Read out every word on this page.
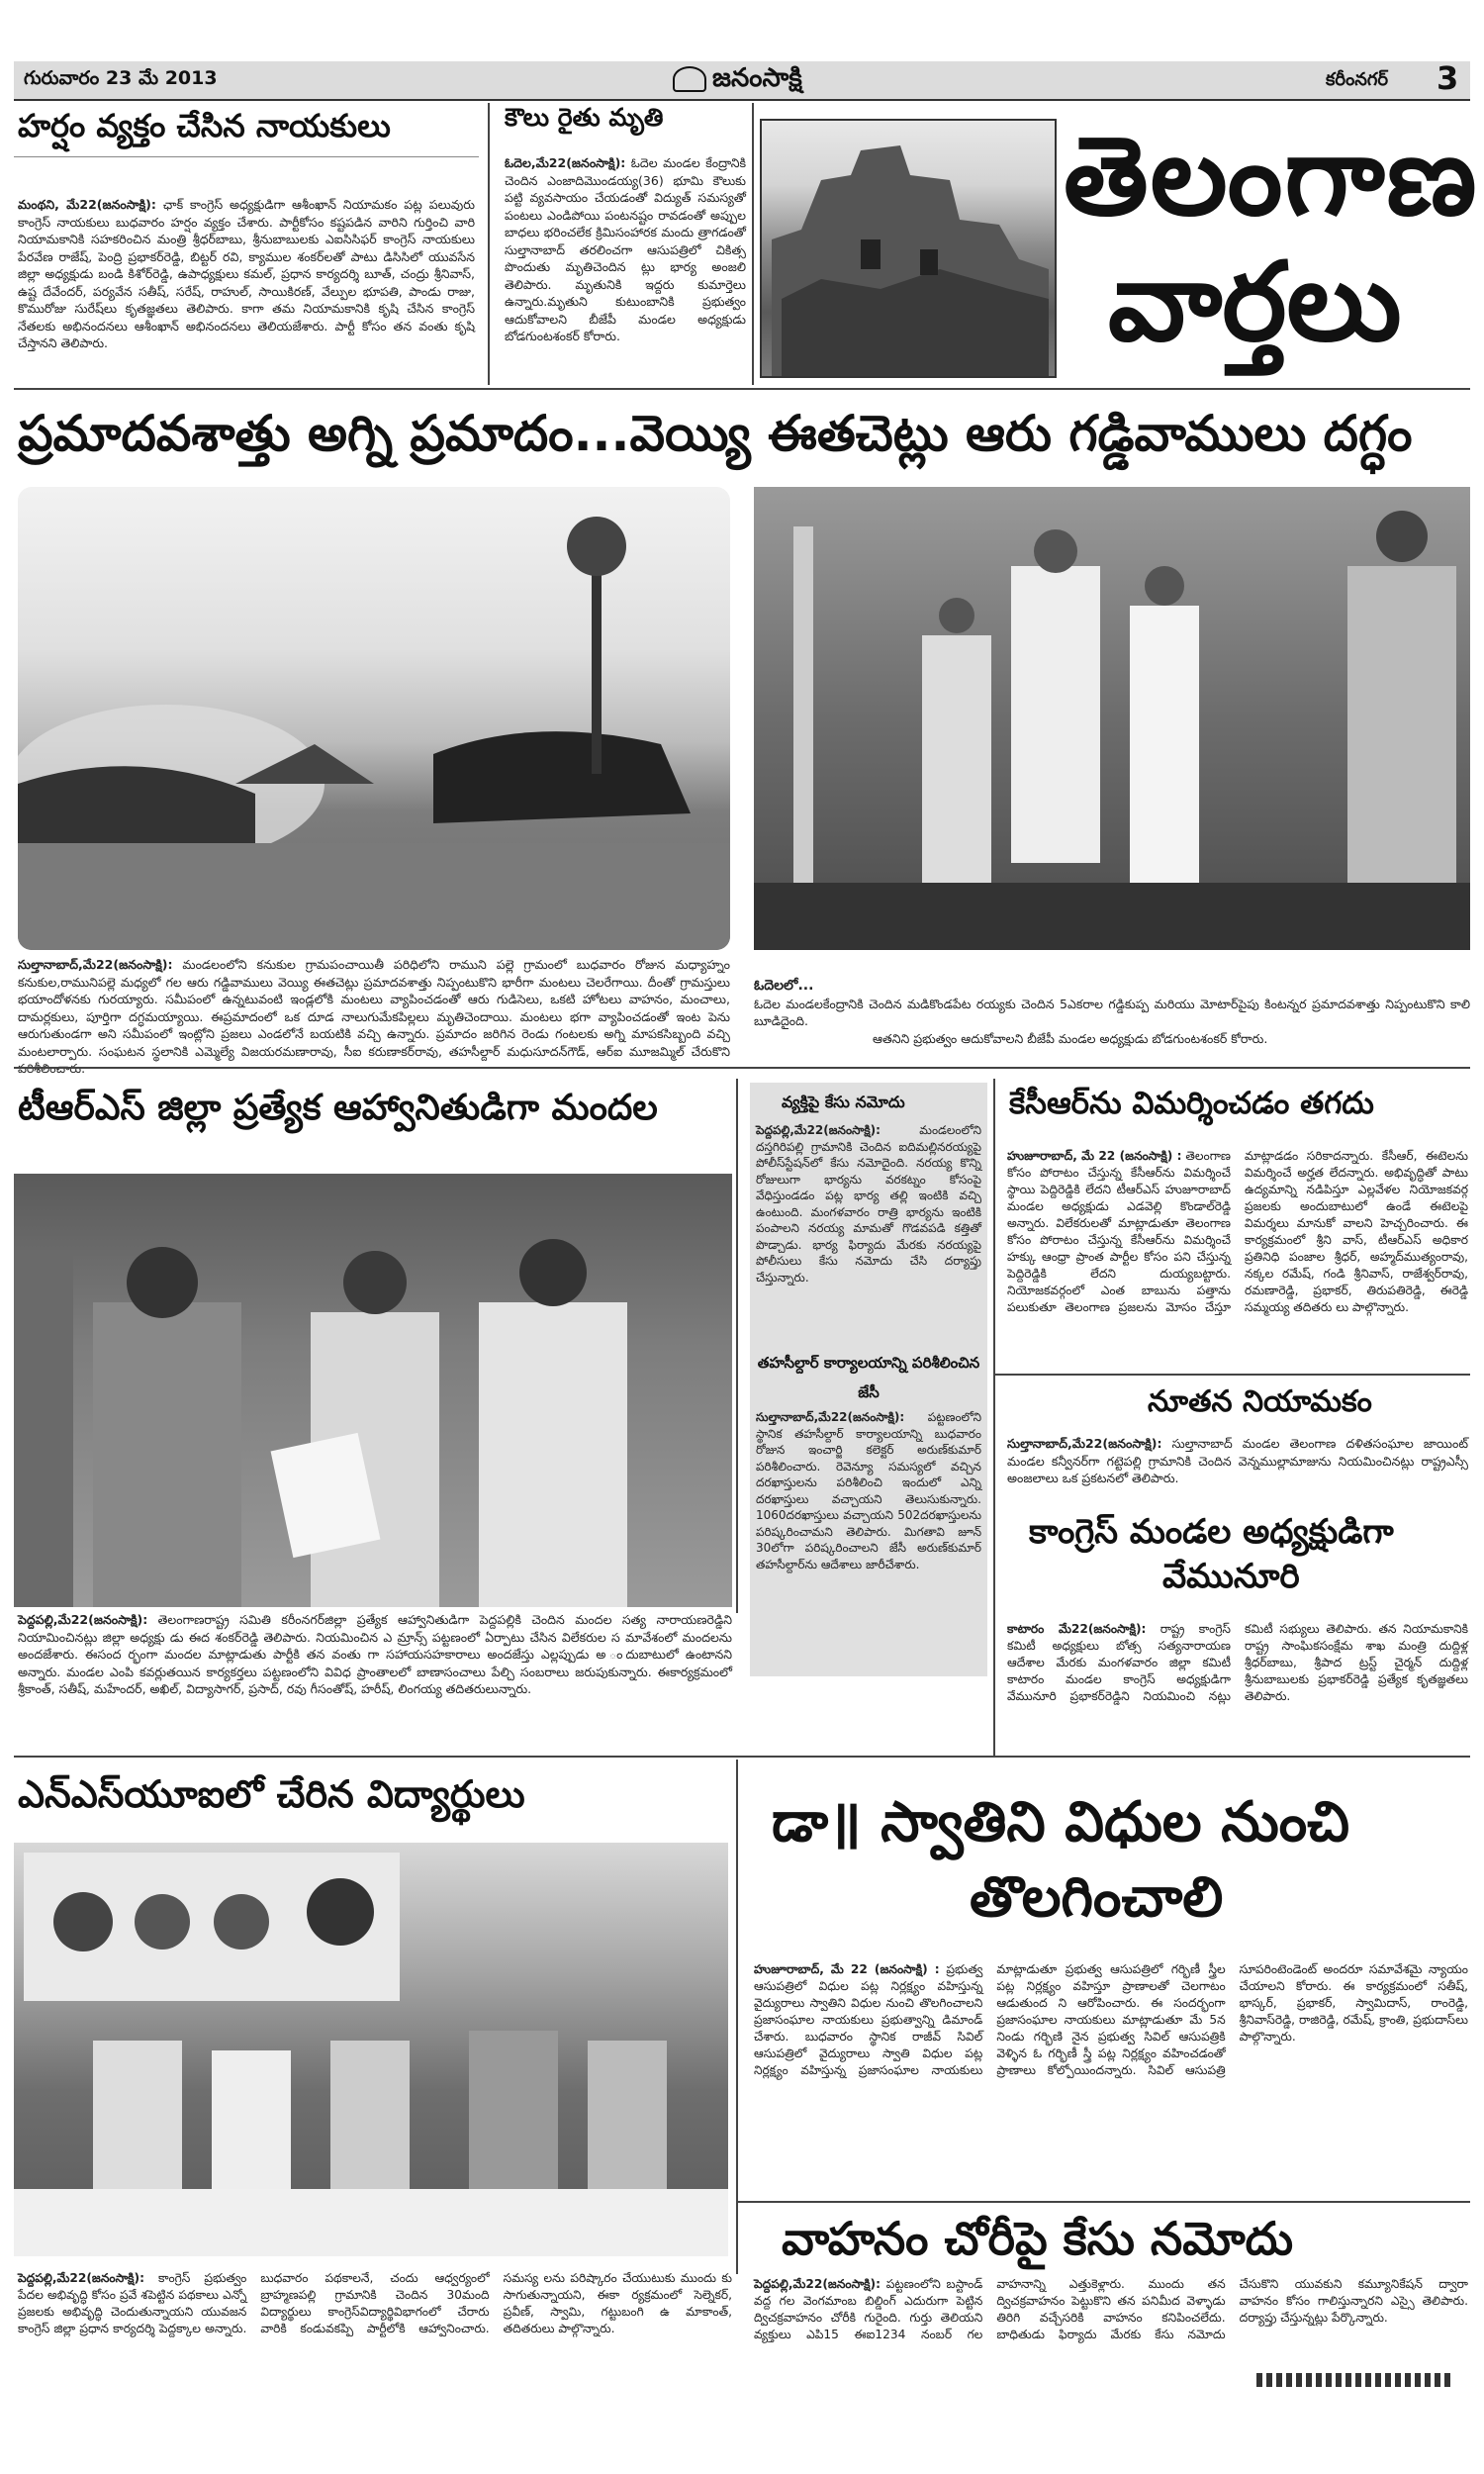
గురువారం 23 మే 2013	జనంసాక్షి	కరీంనగర్ 3
హర్షం వ్యక్తం చేసిన నాయకులు
మంథని, మే22(జనంసాక్షి): ఛాక్ కాంగ్రెస్ అధ్యక్షుడిగా ఆశీంఖాన్ నియామకం పట్ల పలువురు కాంగ్రెస్ నాయకులు బుధవారం హర్షం వ్యక్తం చేశారు. పార్టీకోసం కష్టపడిన వారిని గుర్తించి వారి నియామకానికి సహకరించిన మంత్రి శ్రీధర్‌బాబు, శ్రీనుబాబులకు ఎఐసిసిఫర్ కాంగ్రెస్ నాయకులు పేరవేణ రాజేష్, పెంద్రి ప్రభాకర్‌రెడ్డి, బిట్టర్ రవి, క్యాముల శంకర్‌లతో పాటు డిసిసిలో యువసేన జిల్లా అధ్యక్షుడు బండి కిశోర్‌రెడ్డి, ఉపాధ్యక్షులు కమల్, ప్రధాన కార్యదర్శి బూత్, చంద్రు శ్రీనివాస్, ఉష్ట దేవేందర్, పర్యవేన సతీష్, సరేష్, రాహుల్, సాయికిరణ్, వేల్పుల భూపతి, పాండు రాజు, కొమురోజు సురేష్‌లు కృతజ్ఞతలు తెలిపారు. కాగా తమ నియామకానికి కృషి చేసిన కాంగ్రెస్ నేతలకు అభినందనలు ఆశీంఖాన్ అభినందనలు తెలియజేశారు. పార్టీ కోసం తన వంతు కృషి చేస్తానని తెలిపారు.
కౌలు రైతు మృతి
ఓదెల,మే22(జనంసాక్షి): ఓదెల మండల కేంద్రానికి చెందిన ఎంజాదిమొండయ్య(36) భూమి కౌలుకు పట్టి వ్యవసాయం చేయడంతో విద్యుత్ సమస్యతో పంటలు ఎండిపోయి పంటనష్టం రావడంతో అప్పుల బాధలు భరించలేక క్రిమిసంహారక మందు త్రాగడంతో సుల్తానాబాద్ తరలించగా ఆసుపత్రిలో చికిత్స పొందుతు మృతిచెందిన ట్లు భార్య అంజలి తెలిపారు. మృతునికి ఇద్దరు కుమార్తెలు ఉన్నారు.మృతుని కుటుంబానికి ప్రభుత్వం ఆదుకోవాలని బీజేపీ మండల అధ్యక్షుడు బోడగుంటశంకర్ కోరారు.
తెలంగాణ
వార్తలు
ప్రమాదవశాత్తు అగ్ని ప్రమాదం...వెయ్యి ఈతచెట్లు ఆరు గడ్డివాములు దగ్ధం
సుల్తానాబాద్,మే22(జనంసాక్షి): మండలంలోని కనుకుల గ్రామపంచాయితీ పరిధిలోని రాముని పల్లె గ్రామంలో బుధవారం రోజున మధ్యాహ్నం కనుకుల,రామునిపల్లె మధ్యలో గల ఆరు గడ్డివాములు వెయ్యి ఈతచెట్లు ప్రమాదవశాత్తు నిప్పంటుకొని భారీగా మంటలు చెలరేగాయి. దీంతో గ్రామస్తులు భయాందోళనకు గురయ్యారు. సమీపంలో ఉన్నటువంటి ఇండ్లలోకి మంటలు వ్యాపించడంతో ఆరు గుడిసెలు, ఒకటి హోటలు వాహనం, మంచాలు, దామర్లకులు, పూర్తిగా దగ్ధమయ్యాయి. ఈప్రమాదంలో ఒక దూడ నాలుగుమేకపిల్లలు మృతిచెందాయి. మంటలు భగా వ్యాపించడంతో ఇంట పెను ఆరుగుతుండగా అని సమీపంలో ఇంట్లోని ప్రజలు ఎండలోనే బయటికి వచ్చి ఉన్నారు. ప్రమాదం జరిగిన రెండు గంటలకు అగ్ని మాపకసిబ్బంది వచ్చి మంటలార్పారు. సంఘటన స్థలానికి ఎమ్మెల్యే విజయరమణారావు, సీఐ కరుణాకర్‌రావు, తహసీల్దార్ మధుసూదన్‌గౌడ్, ఆర్‌ఐ మూజమ్మిల్ చేరుకొని
ఓదెలలో...
ఓదెల మండలకేంద్రానికి చెందిన మడికొండపేట రయ్యకు చెందిన 5ఎకరాల గడ్డికుప్ప మరియు మోటార్‌పైపు కింటన్నర ప్రమాదవశాత్తు నిప్పంటుకొని కాలి బూడిదైంది.
ఆతనిని ప్రభుత్వం ఆదుకోవాలని బీజేపీ మండల అధ్యక్షుడు బోడగుంటశంకర్ కోరారు.
టీఆర్ఎస్ జిల్లా ప్రత్యేక ఆహ్వానితుడిగా మందల
పెద్దపల్లి,మే22(జనంసాక్షి): తెలంగాణరాష్ట్ర సమితి కరీంనగర్‌జిల్లా ప్రత్యేక ఆహ్వానితుడిగా పెద్దపల్లికి చెందిన మందల సత్య నారాయణరెడ్డిని నియామించినట్లు జిల్లా అధ్యక్షు డు ఈద శంకర్‌రెడ్డి తెలిపారు. నియమించిన ఎ మ్రాన్స్ పట్టణంలో ఏర్పాటు చేసిన విలేకరుల స మావేశంలో మందలను అందజేశారు. ఈసంద ర్భంగా మందల మాట్లాడుతు పార్టీకి తన వంతు గా సహాయసహకారాలు అందజేస్తు ఎల్లప్పుడు అ ందుబాటులో ఉంటానని అన్నారు. మండల ఎంపి కవర్లుతయిన కార్యకర్తలు పట్టణంలోని వివిధ ప్రాంతాలలో బాణాసంచాలు పేల్చి సంబరాలు జరుపుకున్నారు. ఈకార్యక్రమంలో శ్రీకాంత్, సతీష్, మహేందర్, అఖిల్, విద్యాసాగర్, ప్రసాద్, రవు గీసంతోష్, హరీష్, లింగయ్య తదితరులున్నారు.
వ్యక్తిపై కేసు నమోదు
పెద్దపల్లి,మే22(జనంసాక్షి):	మండలంలోని దస్తగిరిపల్లి గ్రామానికి చెందిన ఐదిమల్లినరయ్యపై పోలీస్‌స్టేషన్‌లో కేసు నమోదైంది. నరయ్య కొన్ని రోజులుగా భార్యను వరకట్నం కోసంపై వేధిస్తుండడం పట్ల భార్య తల్లి ఇంటికి వచ్చి ఉంటుంది. మంగళవారం రాత్రి భార్యను ఇంటికి పంపాలని నరయ్య మామతో గొడవపడి కత్తితో పొడ్చాడు. భార్య ఫిర్యాదు మేరకు నరయ్యపై పోలీసులు కేసు నమోదు చేసి దర్యాప్తు చేస్తున్నారు.
తహసీల్దార్ కార్యాలయాన్ని పరిశీలించిన జేసీ
సుల్తానాబాద్,మే22(జనంసాక్షి): పట్టణంలోని స్థానిక తహసీల్దార్ కార్యాలయాన్ని బుధవారం రోజున ఇంచార్జి కలెక్టర్ అరుణ్‌కుమార్ పరిశీలించారు. రెవెన్యూ సమస్యలో వచ్చిన దరఖాస్తులను పరిశీలించి ఇందులో ఎన్ని దరఖాస్తులు వచ్చాయని తెలుసుకున్నారు. 1060దరఖాస్తులు వచ్చాయని 502దరఖాస్తులను పరిష్కరించామని తెలిపారు. మిగతావి జూన్ 30లోగా పరిష్కరించాలని జేసీ అరుణ్‌కుమార్ తహసీల్దార్‌ను ఆదేశాలు జారీచేశారు.
కేసీఆర్‌ను విమర్శించడం తగదు
హుజూరాబాద్, మే 22 (జనంసాక్షి) : తెలంగాణ కోసం పోరాటం చేస్తున్న కేసీఆర్‌ను విమర్శించే స్థాయి పెద్దిరెడ్డికి లేదని టీఆర్ఎస్ హుజూరాబాద్ మండల అధ్యక్షుడు ఎడవెల్లి కొండాల్‌రెడ్డి అన్నారు. విలేకరులతో మాట్లాడుతూ తెలంగాణ కోసం పోరాటం చేస్తున్న కేసీఆర్‌ను విమర్శించే హక్కు ఆంధ్రా ప్రాంత పార్టీల కోసం పని చేస్తున్న పెద్దిరెడ్డికి లేదని దుయ్యబట్టారు. నియోజకవర్గంలో ఎంత బాబును పత్తాను పలుకుతూ తెలంగాణ ప్రజలను మోసం చేస్తూ మాట్లాడడం సరికాదన్నారు. కేసీఆర్, ఈటెలను విమర్శించే అర్హత లేదన్నారు. అభివృద్ధితో పాటు ఉద్యమాన్ని నడిపిస్తూ ఎల్లవేళల నియోజకవర్గ ప్రజలకు అందుబాటులో ఉండే ఈటెలపై విమర్శలు మానుకో వాలని హెచ్చరించారు. ఈ కార్యక్రమంలో శ్రీని వాస్, టీఆర్ఎస్ అధికార ప్రతినిధి పంజాల శ్రీధర్, అహ్మద్‌ముత్యంరావు, నక్కల రమేష్, గండి శ్రీనివాస్, రాజేశ్వర్‌రావు, రమణారెడ్డి, ప్రభాకర్, తిరుపతిరెడ్డి, ఈరెడ్డి సమ్మయ్య తదితరు లు పాల్గొన్నారు.
నూతన నియామకం
సుల్తానాబాద్,మే22(జనంసాక్షి): సుల్తానాబాద్ మండల తెలంగాణ దళితసంఘాల జాయింట్ మండల కన్వీనర్‌గా గట్టెపల్లి గ్రామానికి చెందిన వెన్నముల్లామాజును నియమించినట్లు రాష్ట్రఎస్సీ అంజలాలు ఒక ప్రకటనలో తెలిపారు.
కాంగ్రెస్ మండల అధ్యక్షుడిగా
వేమునూరి
కాటారం మే22(జనంసాక్షి): రాష్ట్ర కాంగ్రెస్ కమిటీ అధ్యక్షులు బోత్స సత్యనారాయణ ఆదేశాల మేరకు మంగళవారం జిల్లా కమిటీ కాటారం మండల కాంగ్రెస్ అధ్యక్షుడిగా వేమునూరి ప్రభాకర్‌రెడ్డిని నియమించి నట్లు కమిటీ సభ్యులు తెలిపారు. తన నియామకానికి రాష్ట్ర సాంఘికసంక్షేమ శాఖ మంత్రి దుద్దిళ్ల శ్రీధర్‌బాబు, శ్రీపాద ట్రస్ట్ చైర్మన్ దుద్దిళ్ల శ్రీనుబాబులకు ప్రభాకర్‌రెడ్డి ప్రత్యేక కృతజ్ఞతలు తెలిపారు.
ఎన్ఎస్‌యూఐలో చేరిన విద్యార్థులు
పెద్దపల్లి,మే22(జనంసాక్షి): కాంగ్రెస్ ప్రభుత్వం పేదల అభివృద్ధి కోసం ప్రవే శపెట్టిన పథకాలు ఎన్నో ప్రజలకు అభివృద్ధి చెందుతున్నాయని యువజన కాంగ్రెస్ జిల్లా ప్రధాన కార్యదర్శి పెద్దక్కాల అన్నారు. బుధవారం పథకాలనే, చందు ఆధ్వర్యంలో బ్రాహ్మణపల్లి గ్రామానికి చెందిన 30మంది విద్యార్థులు కాంగ్రెస్‌విద్యార్థివిభాగంలో చేరారు వారికి కండువకప్పి పార్టీలోకి ఆహ్వానించారు. సమస్య లను పరిష్కారం చేయుటుకు ముందు కు సాగుతున్నాయని, ఈకా ర్యక్రమంలో సెల్నెకర్, ప్రవీణ్, స్వామి, గట్టుబంగి ఉ మాకాంత్, తదితరులు పాల్గొన్నారు.
డా॥ స్వాతిని విధుల నుంచి
తొలగించాలి
హుజూరాబాద్, మే 22 (జనంసాక్షి) : ప్రభుత్వ ఆసుపత్రిలో విధుల పట్ల నిర్లక్ష్యం వహిస్తున్న వైద్యురాలు స్వాతిని విధుల నుంచి తొలగించాలని ప్రజాసంఘాల నాయకులు ప్రభుత్వాన్ని డిమాండ్ చేశారు. బుధవారం స్థానిక రాజీవ్ సివిల్ ఆసుపత్రిలో వైద్యురాలు స్వాతి విధుల పట్ల నిర్లక్ష్యం వహిస్తున్న ప్రజాసంఘాల నాయకులు మాట్లాడుతూ ప్రభుత్వ ఆసుపత్రిలో గర్భిణీ స్త్రీల పట్ల నిర్లక్ష్యం వహిస్తూ ప్రాణాలతో చెలగాటం ఆడుతుంద ని ఆరోపించారు. ఈ సందర్భంగా ప్రజాసంఘాల నాయకులు మాట్లాడుతూ మే 5న నిండు గర్భిణి నైన ప్రభుత్వ సివిల్ ఆసుపత్రికి వెళ్ళిన ఓ గర్భిణీ స్త్రీ పట్ల నిర్లక్ష్యం వహించడంతో ప్రాణాలు కోల్పోయిందన్నారు. సివిల్ ఆసుపత్రి సూపరింటెండెంట్ అందరూ సమావేశమై న్యాయం చేయాలని కోరారు. ఈ కార్యక్రమంలో సతీష్, భాస్కర్, ప్రభాకర్, స్వామిదాస్, రాంరెడ్డి, శ్రీనివాస్‌రెడ్డి, రాజిరెడ్డి, రమేష్, క్రాంతి, ప్రభుదాస్‌లు పాల్గొన్నారు.
వాహనం చోరీపై కేసు నమోదు
పెద్దపల్లి,మే22(జనంసాక్షి): పట్టణంలోని బస్టాండ్ వద్ద గల వెంగమాంబ బిల్డింగ్‌ ఎదురుగా పెట్టిన ద్విచక్రవాహనం చోరీకి గురైంది. గుర్తు తెలియని వ్యక్తులు ఎపి15 ఈఐ1234 నంబర్ గల వాహనాన్ని ఎత్తుకెళ్లారు. ముందు తన ద్విచక్రవాహనం పెట్టుకొని తన పనిమీద వెళ్ళాడు తిరిగి వచ్చేసరికి వాహనం కనిపించలేదు. బాధితుడు ఫిర్యాదు మేరకు కేసు నమోదు చేసుకొని యువకుని కమ్యూనికేషన్ ద్వారా వాహనం కోసం గాలిస్తున్నారని ఎస్సై తెలిపారు. దర్యాప్తు చేస్తున్నట్లు పేర్కొన్నారు.
